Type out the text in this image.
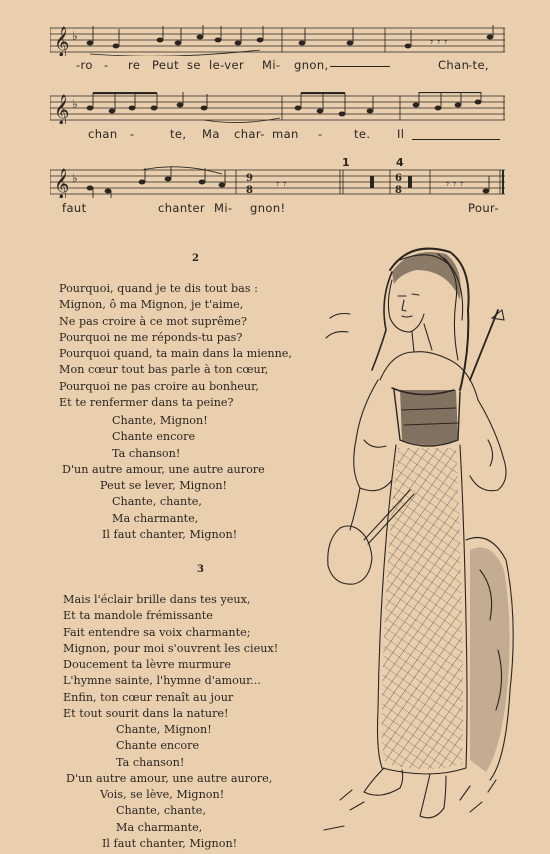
𝄞 ♭	𝄾 𝄾 𝄾
-ro - re Peut se le-ver Mi- gnon,	Chan
-te,
𝄞 ♭
chan -	te, Ma char- man -	te. Il
1	4
𝄞 ♭	9
8
6
8
𝄾 𝄾	𝄾 𝄾 𝄾
faut	chanter Mi- gnon!	Pour-
2
Pourquoi, quand je te dis tout bas :
Mignon, ô ma Mignon, je t'aime,
Ne pas croire à ce mot suprême?
Pourquoi ne me réponds-tu pas?
Pourquoi quand, ta main dans la mienne,
Mon cœur tout bas parle à ton cœur,
Pourquoi ne pas croire au bonheur,
Et te renfermer dans ta peine?
Chante, Mignon!
Chante encore
Ta chanson!
D'un autre amour, une autre aurore
Peut se lever, Mignon!
Chante, chante,
Ma charmante,
Il faut chanter, Mignon!
3
Mais l'éclair brille dans tes yeux,
Et ta mandole frémissante
Fait entendre sa voix charmante;
Mignon, pour moi s'ouvrent les cieux!
Doucement ta lèvre murmure
L'hymne sainte, l'hymne d'amour...
Enfin, ton cœur renaît au jour
Et tout sourit dans la nature!
Chante, Mignon!
Chante encore
Ta chanson!
D'un autre amour, une autre aurore,
Vois, se lève, Mignon!
Chante, chante,
Ma charmante,
Il faut chanter, Mignon!
